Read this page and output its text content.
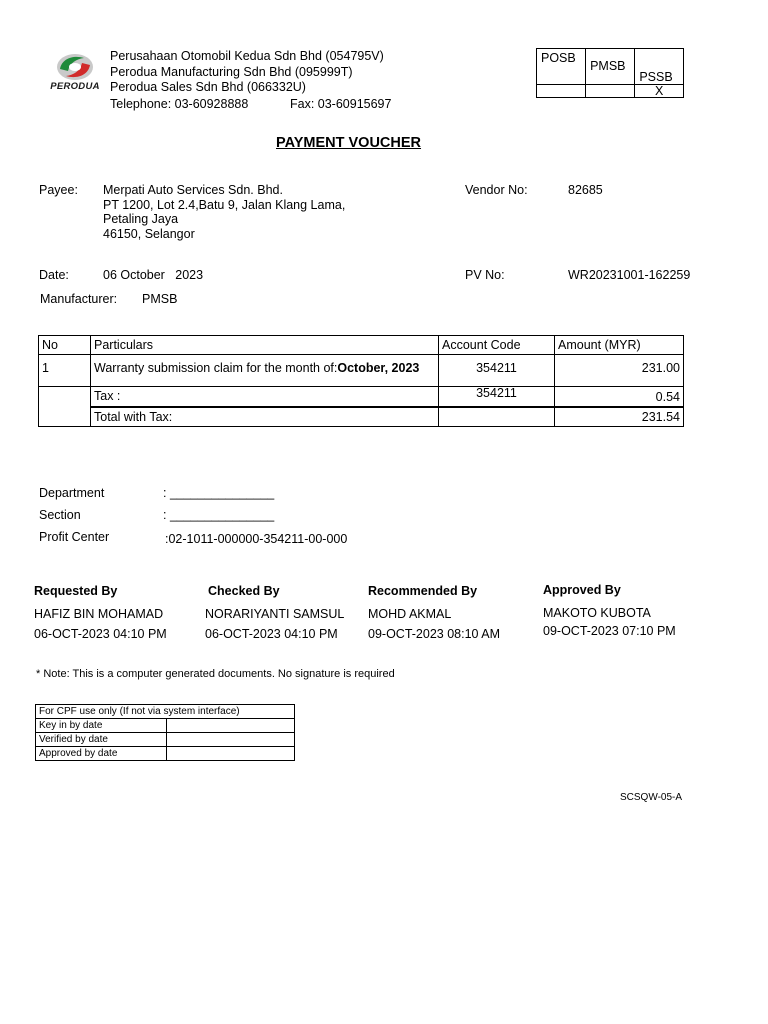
PERODUA
Perusahaan Otomobil Kedua Sdn Bhd (054795V)
Perodua Manufacturing Sdn Bhd (095999T)
Perodua Sales Sdn Bhd (066332U)
Telephone: 03-60928888	Fax: 03-60915697
POSB	PMSB	PSSB
		X
PAYMENT VOUCHER
Payee: Merpati Auto Services Sdn. Bhd.
PT 1200, Lot 2.4,Batu 9, Jalan Klang Lama,
Petaling Jaya
46150, Selangor
Vendor No:	82685
Date:	06 October   2023	PV No:	WR20231001-162259
Manufacturer: PMSB
No	Particulars	Account Code	Amount (MYR)
1	Warranty submission claim for the month of:October, 2023	354211	231.00
	Tax :	354211	0.54
	Total with Tax:		231.54
Department	: _______________
Section	: _______________
Profit Center	:02-1011-000000-354211-00-000
Requested By
HAFIZ BIN MOHAMAD
06-OCT-2023 04:10 PM
Checked By
NORARIYANTI SAMSUL
06-OCT-2023 04:10 PM
Recommended By
MOHD AKMAL
09-OCT-2023 08:10 AM
Approved By
MAKOTO KUBOTA
09-OCT-2023 07:10 PM
* Note: This is a computer generated documents. No signature is required
For CPF use only (If not via system interface)	
Key in by date	
Verified by date	
Approved by date	
SCSQW-05-A
